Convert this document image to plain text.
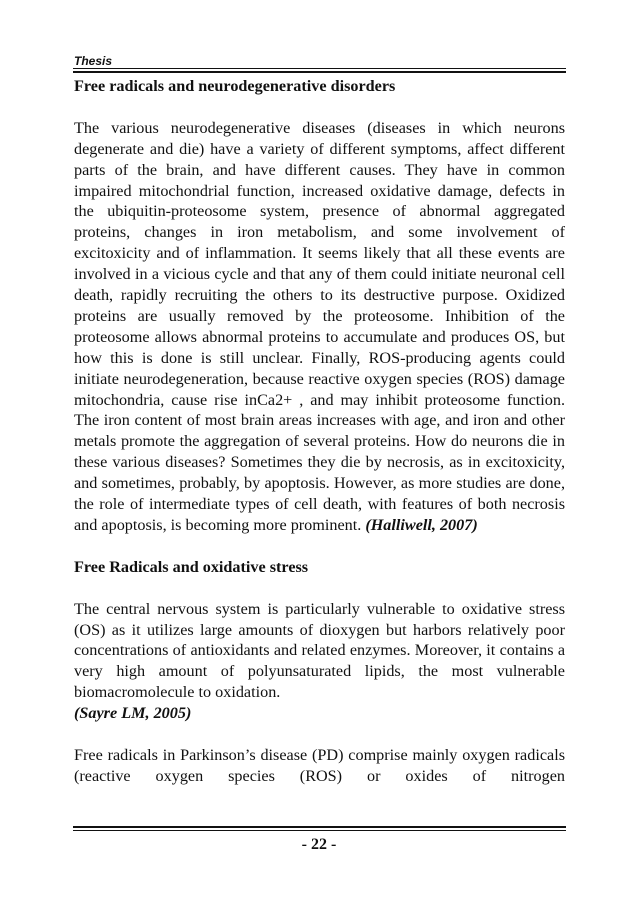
Thesis
Free radicals and neurodegenerative disorders

The various neurodegenerative diseases (diseases in which neurons degenerate and die) have a variety of different symptoms, affect different parts of the brain, and have different causes. They have in common impaired mitochondrial function, increased oxidative damage, defects in the ubiquitin-proteosome system, presence of abnormal aggregated proteins, changes in iron metabolism, and some involvement of excitoxicity and of inflammation. It seems likely that all these events are involved in a vicious cycle and that any of them could initiate neuronal cell death, rapidly recruiting the others to its destructive purpose. Oxidized proteins are usually removed by the proteosome. Inhibition of the proteosome allows abnormal proteins to accumulate and produces OS, but how this is done is still unclear. Finally, ROS-producing agents could initiate neurodegeneration, because reactive oxygen species (ROS) damage mitochondria, cause rise inCa2+ , and may inhibit proteosome function. The iron content of most brain areas increases with age, and iron and other metals promote the aggregation of several proteins. How do neurons die in these various diseases? Sometimes they die by necrosis, as in excitoxicity, and sometimes, probably, by apoptosis. However, as more studies are done, the role of intermediate types of cell death, with features of both necrosis and apoptosis, is becoming more prominent. (Halliwell, 2007)

Free Radicals and oxidative stress

The central nervous system is particularly vulnerable to oxidative stress (OS) as it utilizes large amounts of dioxygen but harbors relatively poor concentrations of antioxidants and related enzymes. Moreover, it contains a very high amount of polyunsaturated lipids, the most vulnerable biomacromolecule to oxidation.

(Sayre LM, 2005)

Free radicals in Parkinson’s disease (PD) comprise mainly oxygen radicals (reactive oxygen species (ROS) or oxides of nitrogen

- 22 -
